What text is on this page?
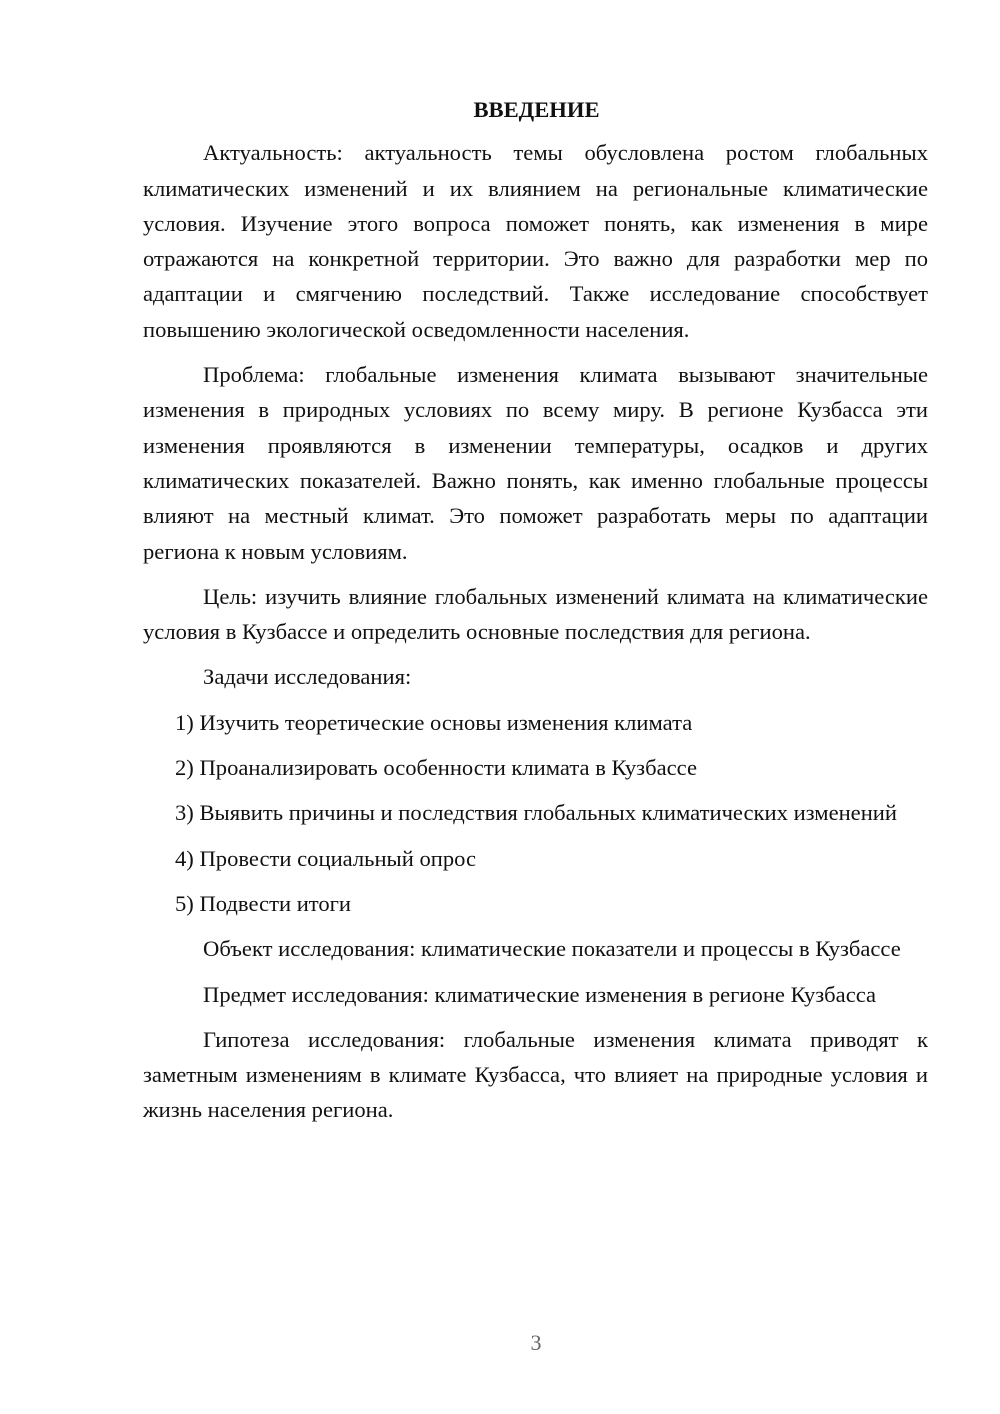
ВВЕДЕНИЕ

Актуальность: актуальность темы обусловлена ростом глобальных климатических изменений и их влиянием на региональные климатические условия. Изучение этого вопроса поможет понять, как изменения в мире отражаются на конкретной территории. Это важно для разработки мер по адаптации и смягчению последствий. Также исследование способствует повышению экологической осведомленности населения.

Проблема: глобальные изменения климата вызывают значительные изменения в природных условиях по всему миру. В регионе Кузбасса эти изменения проявляются в изменении температуры, осадков и других климатических показателей. Важно понять, как именно глобальные процессы влияют на местный климат. Это поможет разработать меры по адаптации региона к новым условиям.

Цель: изучить влияние глобальных изменений климата на климатические условия в Кузбассе и определить основные последствия для региона.

Задачи исследования:

1) Изучить теоретические основы изменения климата

2) Проанализировать особенности климата в Кузбассе

3) Выявить причины и последствия глобальных климатических изменений

4) Провести социальный опрос

5) Подвести итоги

Объект исследования: климатические показатели и процессы в Кузбассе

Предмет исследования: климатические изменения в регионе Кузбасса

Гипотеза исследования: глобальные изменения климата приводят к заметным изменениям в климате Кузбасса, что влияет на природные условия и жизнь населения региона.

3
